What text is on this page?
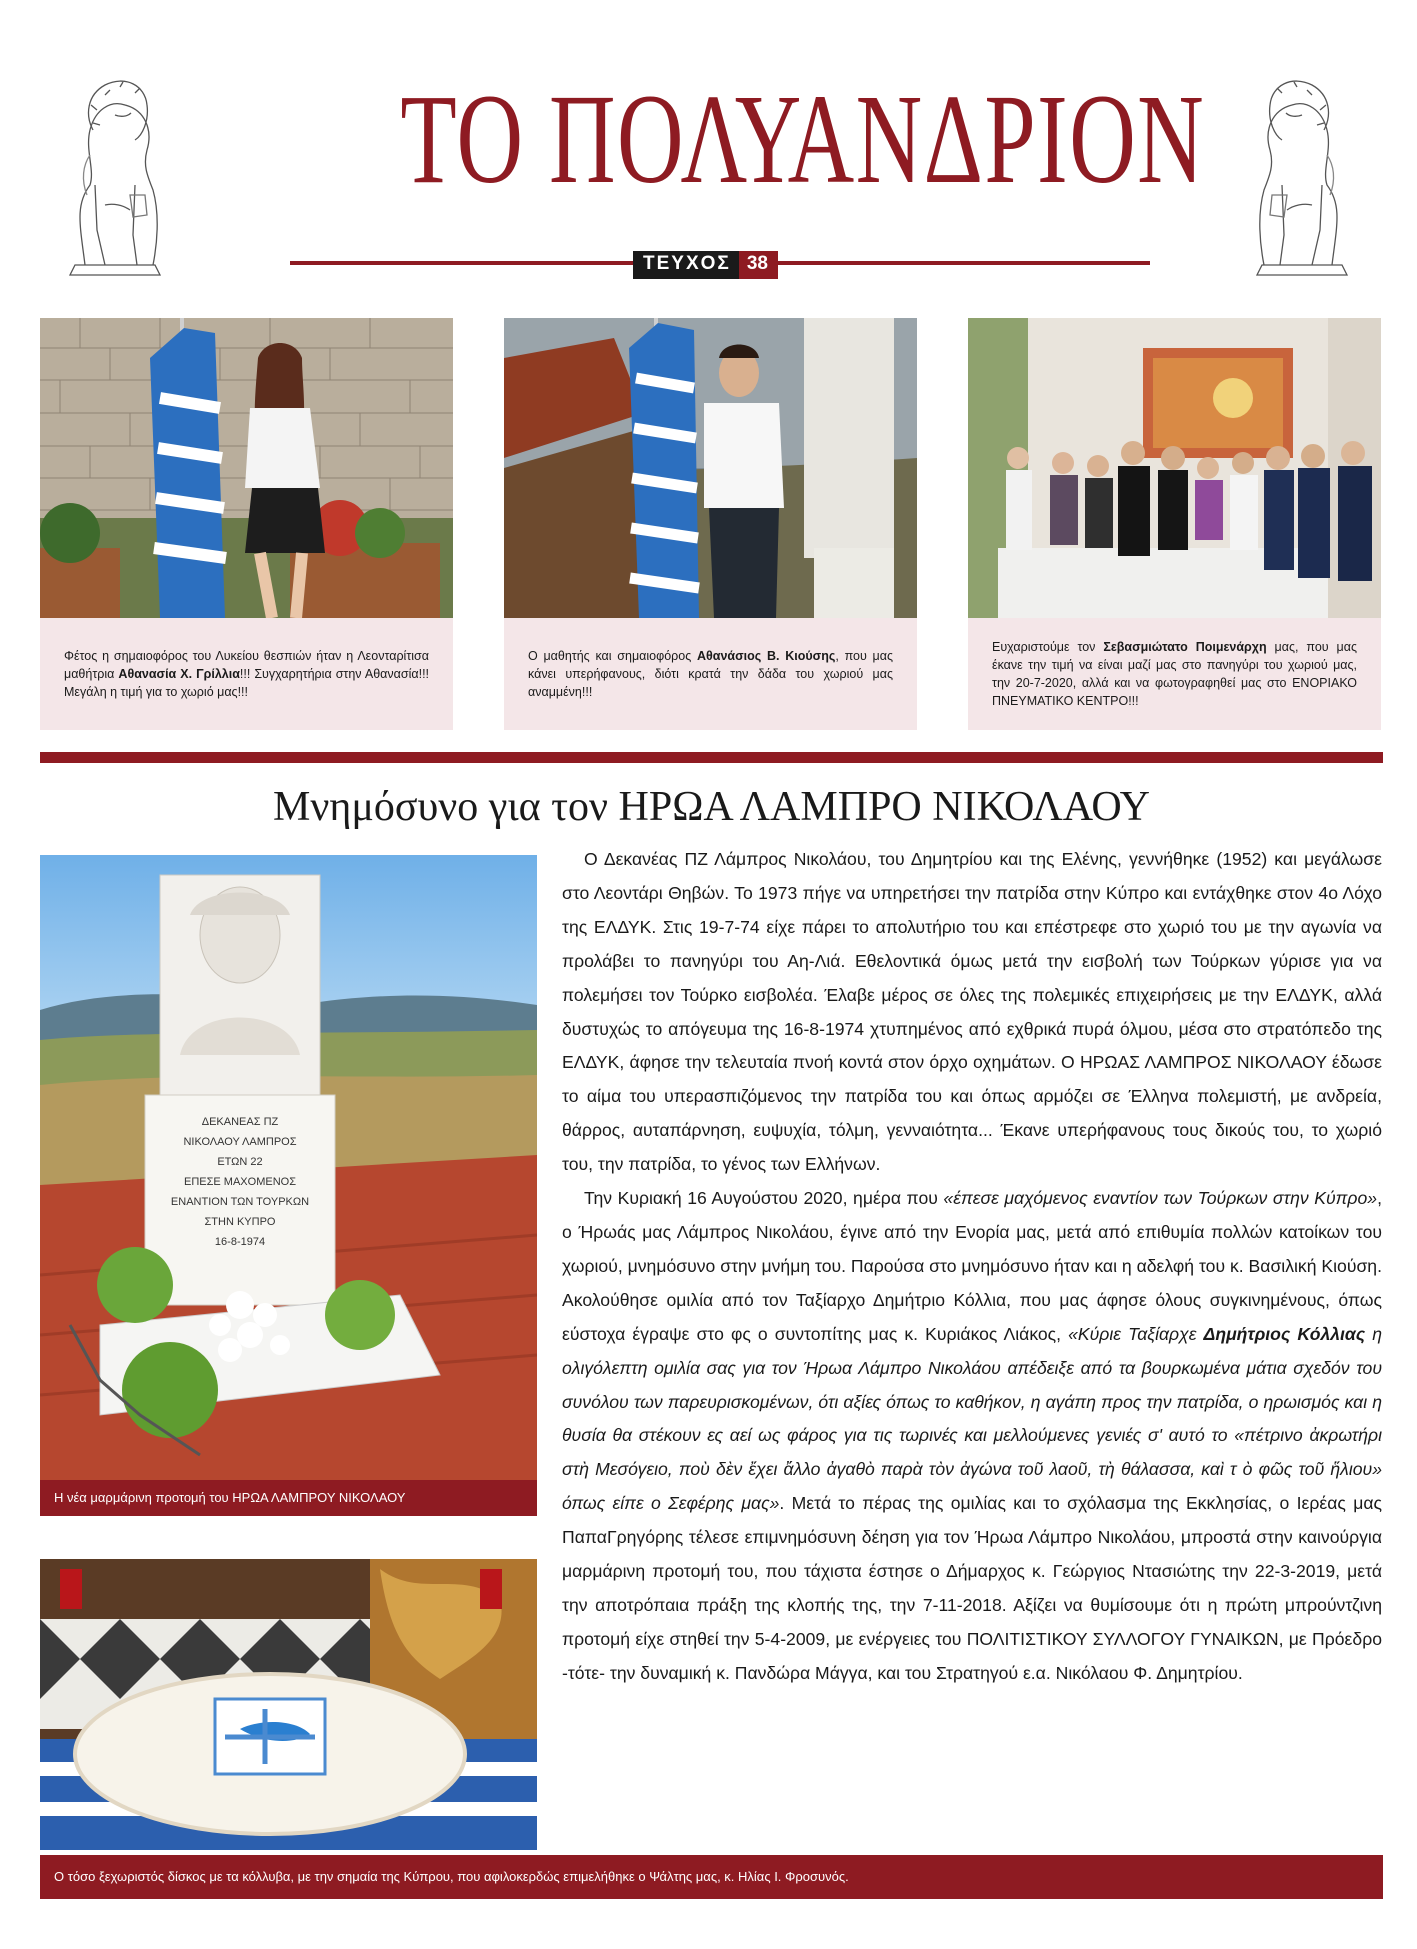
ΤΟ ΠΟΛΥΑΝΔΡΙΟΝ
ΤΕΥΧΟΣ 38
Φέτος η σημαιοφόρος του Λυκείου θεσπιών ήταν η Λεονταρίτισα μαθήτρια Αθανασία Χ. Γρίλλια!!! Συγχαρητήρια στην Αθανασία!!! Μεγάλη η τιμή για το χωριό μας!!!
Ο μαθητής και σημαιοφόρος Αθανάσιος Β. Κιούσης, που μας κάνει υπερήφανους, διότι κρατά την δάδα του χωριού μας αναμμένη!!!
Ευχαριστούμε τον Σεβασμιώτατο Ποιμενάρχη μας, που μας έκανε την τιμή να είναι μαζί μας στο πανηγύρι του χωριού μας, την 20-7-2020, αλλά και να φωτογραφηθεί μας στο ΕΝΟΡΙΑΚΟ ΠΝΕΥΜΑΤΙΚΟ ΚΕΝΤΡΟ!!!
Μνημόσυνο για τον ΗΡΩΑ ΛΑΜΠΡΟ ΝΙΚΟΛΑΟΥ
ΔΕΚΑΝΕΑΣ ΠΖ
ΝΙΚΟΛΑΟΥ ΛΑΜΠΡΟΣ
ΕΤΩΝ 22
ΕΠΕΣΕ ΜΑΧΟΜΕΝΟΣ
ΕΝΑΝΤΙΟΝ ΤΩΝ ΤΟΥΡΚΩΝ
ΣΤΗΝ ΚΥΠΡΟ
16-8-1974
Η νέα μαρμάρινη προτομή του ΗΡΩΑ ΛΑΜΠΡΟΥ ΝΙΚΟΛΑΟΥ

Ο Δεκανέας ΠΖ Λάμπρος Νικολάου, του Δημητρίου και της Ελένης, γεννήθηκε (1952) και μεγάλωσε στο Λεοντάρι Θηβών. Το 1973 πήγε να υπηρετήσει την πατρίδα στην Κύπρο και εντάχθηκε στον 4ο Λόχο της ΕΛΔΥΚ. Στις 19-7-74 είχε πάρει το απολυτήριο του και επέστρεφε στο χωριό του με την αγωνία να προλάβει το πανηγύρι του Αη-Λιά. Εθελοντικά όμως μετά την εισβολή των Τούρκων γύρισε για να πολεμήσει τον Τούρκο εισβολέα. Έλαβε μέρος σε όλες της πολεμικές επιχειρήσεις με την ΕΛΔΥΚ, αλλά δυστυχώς το απόγευμα της 16-8-1974 χτυπημένος από εχθρικά πυρά όλμου, μέσα στο στρατόπεδο της ΕΛΔΥΚ, άφησε την τελευταία πνοή κοντά στον όρχο οχημάτων. Ο ΗΡΩΑΣ ΛΑΜΠΡΟΣ ΝΙΚΟΛΑΟΥ έδωσε το αίμα του υπερασπιζόμενος την πατρίδα του και όπως αρμόζει σε Έλληνα πολεμιστή, με ανδρεία, θάρρος, αυταπάρνηση, ευψυχία, τόλμη, γενναιότητα... Έκανε υπερήφανους τους δικούς του, το χωριό του, την πατρίδα, το γένος των Ελλήνων.

Την Κυριακή 16 Αυγούστου 2020, ημέρα που «έπεσε μαχόμενος εναντίον των Τούρκων στην Κύπρο», ο Ήρωάς μας Λάμπρος Νικολάου, έγινε από την Ενορία μας, μετά από επιθυμία πολλών κατοίκων του χωριού, μνημόσυνο στην μνήμη του. Παρούσα στο μνημόσυνο ήταν και η αδελφή του κ. Βασιλική Κιούση. Ακολούθησε ομιλία από τον Ταξίαρχο Δημήτριο Κόλλια, που μας άφησε όλους συγκινημένους, όπως εύστοχα έγραψε στο φς ο συντοπίτης μας κ. Κυριάκος Λιάκος, «Κύριε Ταξίαρχε Δημήτριος Κόλλιας η ολιγόλεπτη ομιλία σας για τον Ήρωα Λάμπρο Νικολάου απέδειξε από τα βουρκωμένα μάτια σχεδόν του συνόλου των παρευρισκομένων, ότι αξίες όπως το καθήκον, η αγάπη προς την πατρίδα, ο ηρωισμός και η θυσία θα στέκουν ες αεί ως φάρος για τις τωρινές και μελλούμενες γενιές σ' αυτό το «πέτρινο ἀκρωτήρι στὴ Μεσόγειο, ποὺ δὲν ἔχει ἄλλο ἀγαθὸ παρὰ τὸν ἀγώνα τοῦ λαοῦ, τὴ θάλασσα, καὶ τ ὸ φῶς τοῦ ἥλιου» όπως είπε ο Σεφέρης μας». Μετά το πέρας της ομιλίας και το σχόλασμα της Εκκλησίας, ο Ιερέας μας ΠαπαΓρηγόρης τέλεσε επιμνημόσυνη δέηση για τον Ήρωα Λάμπρο Νικολάου, μπροστά στην καινούργια μαρμάρινη προτομή του, που τάχιστα έστησε ο Δήμαρχος κ. Γεώργιος Ντασιώτης την 22-3-2019, μετά την αποτρόπαια πράξη της κλοπής της, την 7-11-2018. Αξίζει να θυμίσουμε ότι η πρώτη μπρούντζινη προτομή είχε στηθεί την 5-4-2009, με ενέργειες του ΠΟΛΙΤΙΣΤΙΚΟΥ ΣΥΛΛΟΓΟΥ ΓΥΝΑΙΚΩΝ, με Πρόεδρο -τότε- την δυναμική κ. Πανδώρα Μάγγα, και του Στρατηγού ε.α. Νικόλαου Φ. Δημητρίου.

Ο τόσο ξεχωριστός δίσκος με τα κόλλυβα, με την σημαία της Κύπρου, που αφιλοκερδώς επιμελήθηκε ο Ψάλτης μας, κ. Ηλίας Ι. Φροσυνός.
